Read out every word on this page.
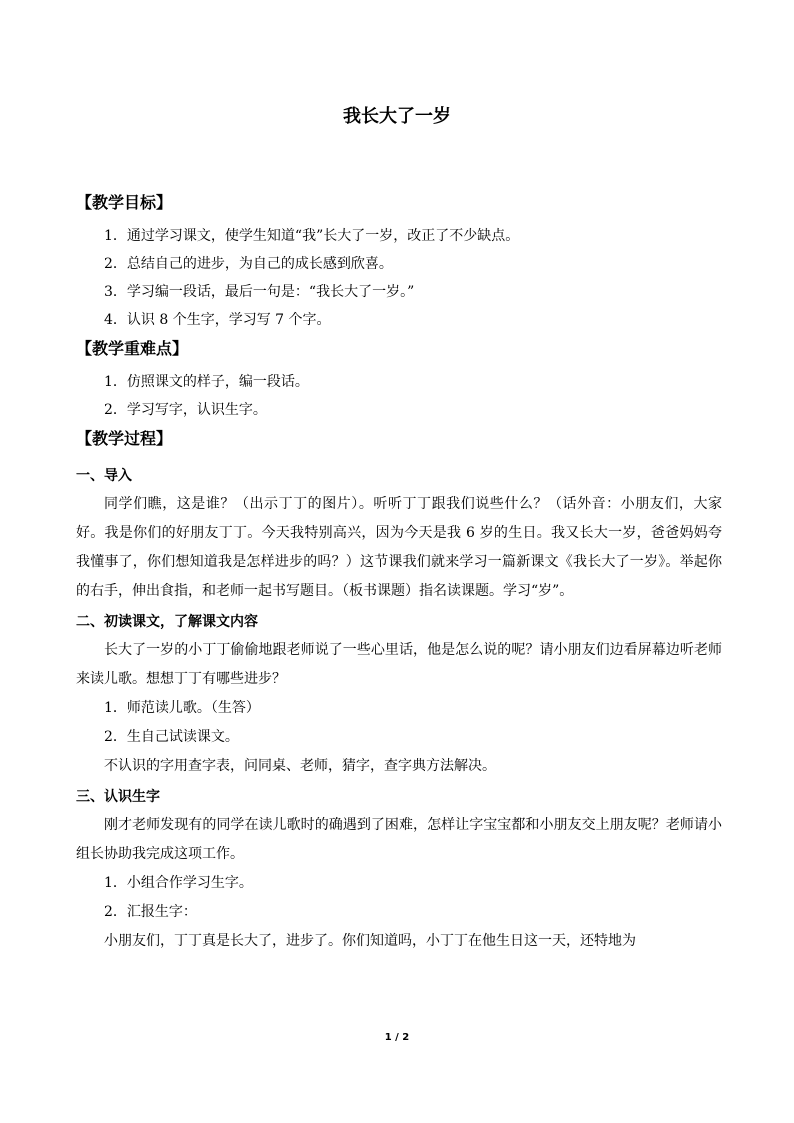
我长大了一岁
【教学目标】
1．通过学习课文，使学生知道“我”长大了一岁，改正了不少缺点。
2．总结自己的进步，为自己的成长感到欣喜。
3．学习编一段话，最后一句是：“我长大了一岁。”
4．认识 8 个生字，学习写 7 个字。
【教学重难点】
1．仿照课文的样子，编一段话。
2．学习写字，认识生字。
【教学过程】
一、导入

同学们瞧，这是谁？（出示丁丁的图片）。听听丁丁跟我们说些什么？（话外音：小朋友们，大家好。我是你们的好朋友丁丁。今天我特别高兴，因为今天是我 6 岁的生日。我又长大一岁，爸爸妈妈夸我懂事了，你们想知道我是怎样进步的吗？）这节课我们就来学习一篇新课文《我长大了一岁》。举起你的右手，伸出食指，和老师一起书写题目。（板书课题）指名读课题。学习“岁”。

二、初读课文，了解课文内容

长大了一岁的小丁丁偷偷地跟老师说了一些心里话，他是怎么说的呢？请小朋友们边看屏幕边听老师来读儿歌。想想丁丁有哪些进步？

1．师范读儿歌。（生答）
2．生自己试读课文。
不认识的字用查字表，问同桌、老师，猜字，查字典方法解决。
三、认识生字

刚才老师发现有的同学在读儿歌时的确遇到了困难，怎样让字宝宝都和小朋友交上朋友呢？老师请小组长协助我完成这项工作。

1．小组合作学习生字。
2．汇报生字：
小朋友们，丁丁真是长大了，进步了。你们知道吗，小丁丁在他生日这一天，还特地为
1 / 2
